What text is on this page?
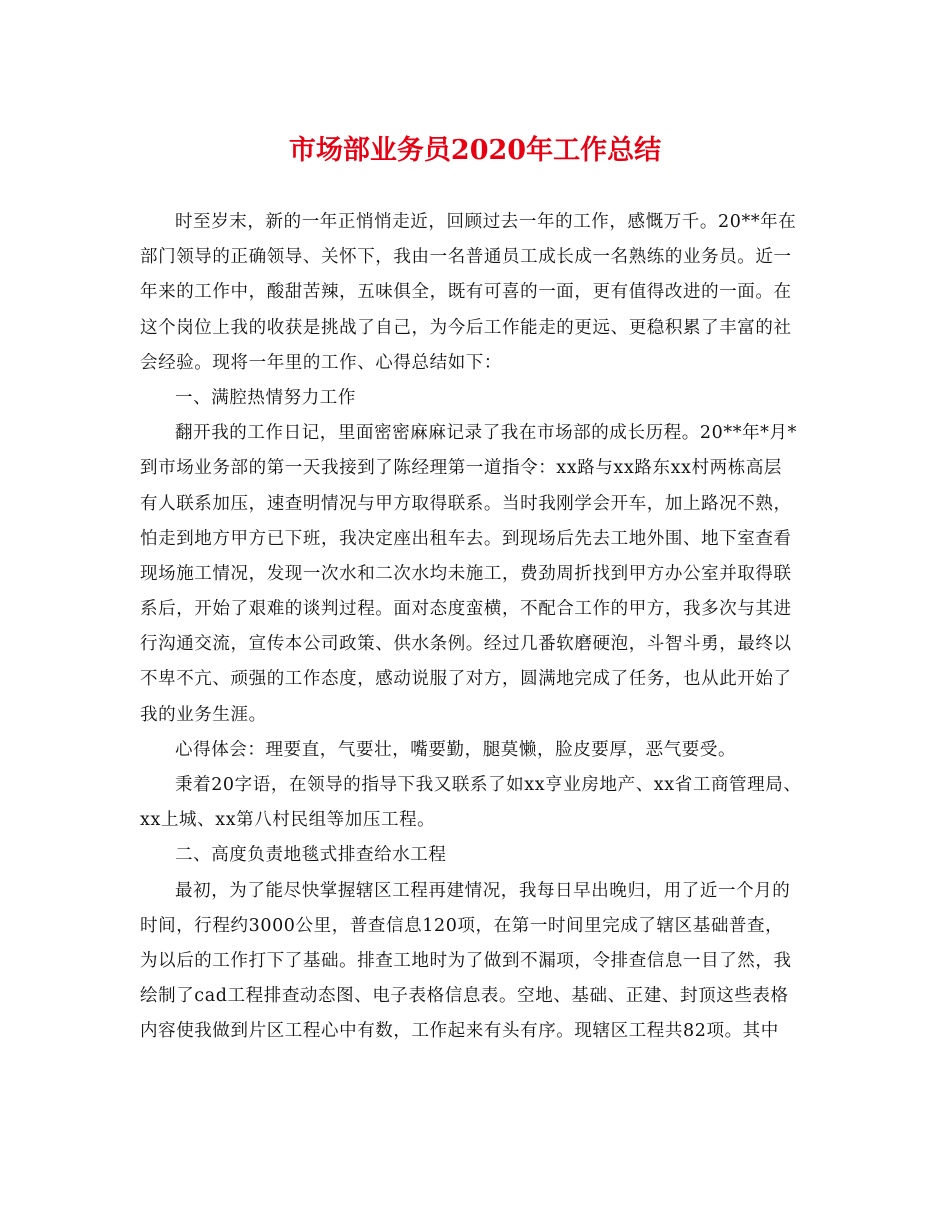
市场部业务员2020年工作总结
时至岁末，新的一年正悄悄走近，回顾过去一年的工作，感慨万千。20**年在
部门领导的正确领导、关怀下，我由一名普通员工成长成一名熟练的业务员。近一
年来的工作中，酸甜苦辣，五味俱全，既有可喜的一面，更有值得改进的一面。在
这个岗位上我的收获是挑战了自己，为今后工作能走的更远、更稳积累了丰富的社
会经验。现将一年里的工作、心得总结如下：
一、满腔热情努力工作
翻开我的工作日记，里面密密麻麻记录了我在市场部的成长历程。20**年*月*
到市场业务部的第一天我接到了陈经理第一道指令：xx路与xx路东xx村两栋高层
有人联系加压，速查明情况与甲方取得联系。当时我刚学会开车，加上路况不熟，
怕走到地方甲方已下班，我决定座出租车去。到现场后先去工地外围、地下室查看
现场施工情况，发现一次水和二次水均未施工，费劲周折找到甲方办公室并取得联
系后，开始了艰难的谈判过程。面对态度蛮横，不配合工作的甲方，我多次与其进
行沟通交流，宣传本公司政策、供水条例。经过几番软磨硬泡，斗智斗勇，最终以
不卑不亢、顽强的工作态度，感动说服了对方，圆满地完成了任务，也从此开始了
我的业务生涯。
心得体会：理要直，气要壮，嘴要勤，腿莫懒，脸皮要厚，恶气要受。
秉着20字语，在领导的指导下我又联系了如xx亨业房地产、xx省工商管理局、
xx上城、xx第八村民组等加压工程。
二、高度负责地毯式排查给水工程
最初，为了能尽快掌握辖区工程再建情况，我每日早出晚归，用了近一个月的
时间，行程约3000公里，普查信息120项，在第一时间里完成了辖区基础普查，
为以后的工作打下了基础。排查工地时为了做到不漏项，令排查信息一目了然，我
绘制了cad工程排查动态图、电子表格信息表。空地、基础、正建、封顶这些表格
内容使我做到片区工程心中有数，工作起来有头有序。现辖区工程共82项。其中
